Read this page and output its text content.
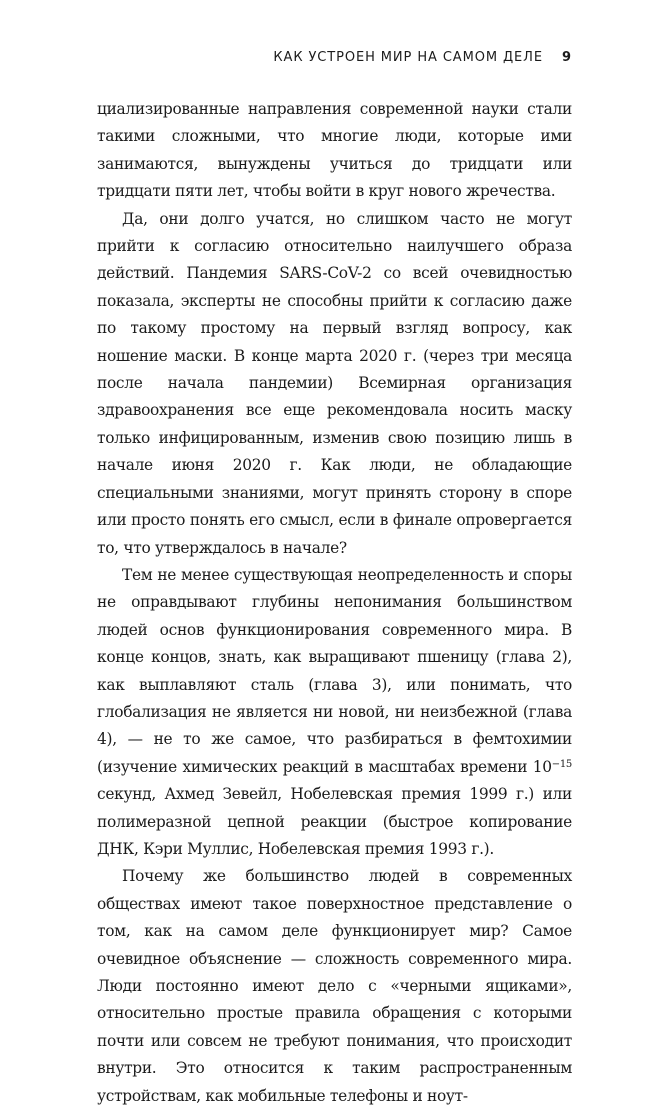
КАК УСТРОЕН МИР НА САМОМ ДЕЛЕ 9

циализированные направления современной науки стали такими сложными, что многие люди, которые ими занимаются, вынуждены учиться до тридцати или тридцати пяти лет, чтобы войти в круг нового жречества.

Да, они долго учатся, но слишком часто не могут прийти к согласию относительно наилучшего образа действий. Пандемия SARS-CoV-2 со всей очевидностью показала, эксперты не способны прийти к согласию даже по такому простому на первый взгляд вопросу, как ношение маски. В конце марта 2020 г. (через три месяца после начала пандемии) Всемирная организация здравоохранения все еще рекомендовала носить маску только инфицированным, изменив свою позицию лишь в начале июня 2020 г. Как люди, не обладающие специальными знаниями, могут принять сторону в споре или просто понять его смысл, если в финале опровергается то, что утверждалось в начале?

Тем не менее существующая неопределенность и споры не оправдывают глубины непонимания большинством людей основ функционирования современного мира. В конце концов, знать, как выращивают пшеницу (глава 2), как выплавляют сталь (глава 3), или понимать, что глобализация не является ни новой, ни неизбежной (глава 4), — не то же самое, что разбираться в фемтохимии (изучение химических реакций в масштабах времени $10^{-15}$ секунд, Ахмед Зевейл, Нобелевская премия 1999 г.) или полимеразной цепной реакции (быстрое копирование ДНК, Кэри Муллис, Нобелевская премия 1993 г.).

Почему же большинство людей в современных обществах имеют такое поверхностное представление о том, как на самом деле функционирует мир? Самое очевидное объяснение — сложность современного мира. Люди постоянно имеют дело с «черными ящиками», относительно простые правила обращения с которыми почти или совсем не требуют понимания, что происходит внутри. Это относится к таким распространенным устройствам, как мобильные телефоны и ноут-
